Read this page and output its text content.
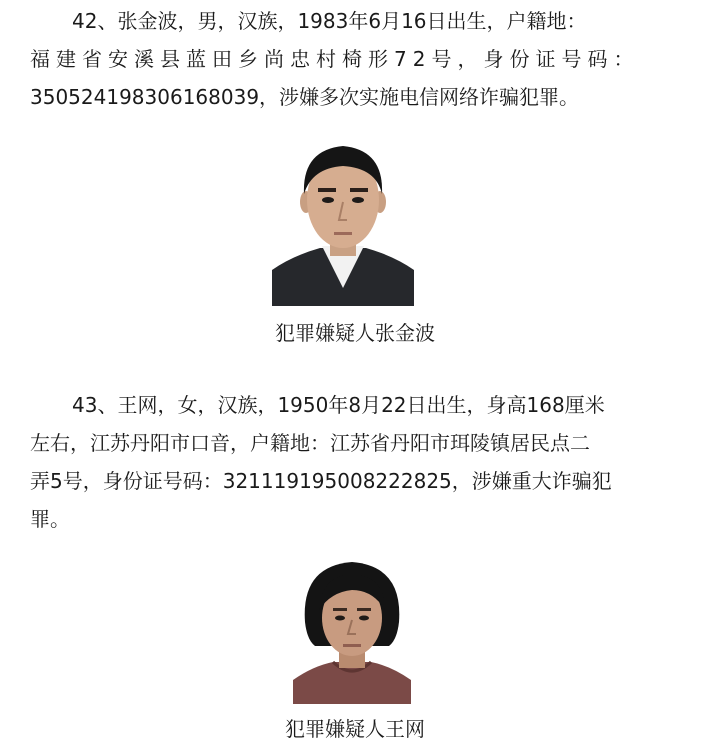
42、张金波，男，汉族，1983年6月16日出生，户籍地：
福建省安溪县蓝田乡尚忠村椅形72号，身份证号码：
350524198306168039，涉嫌多次实施电信网络诈骗犯罪。
犯罪嫌疑人张金波
43、王网，女，汉族，1950年8月22日出生，身高168厘米
左右，江苏丹阳市口音，户籍地：江苏省丹阳市珥陵镇居民点二
弄5号，身份证号码：321119195008222825，涉嫌重大诈骗犯
罪。
犯罪嫌疑人王网
